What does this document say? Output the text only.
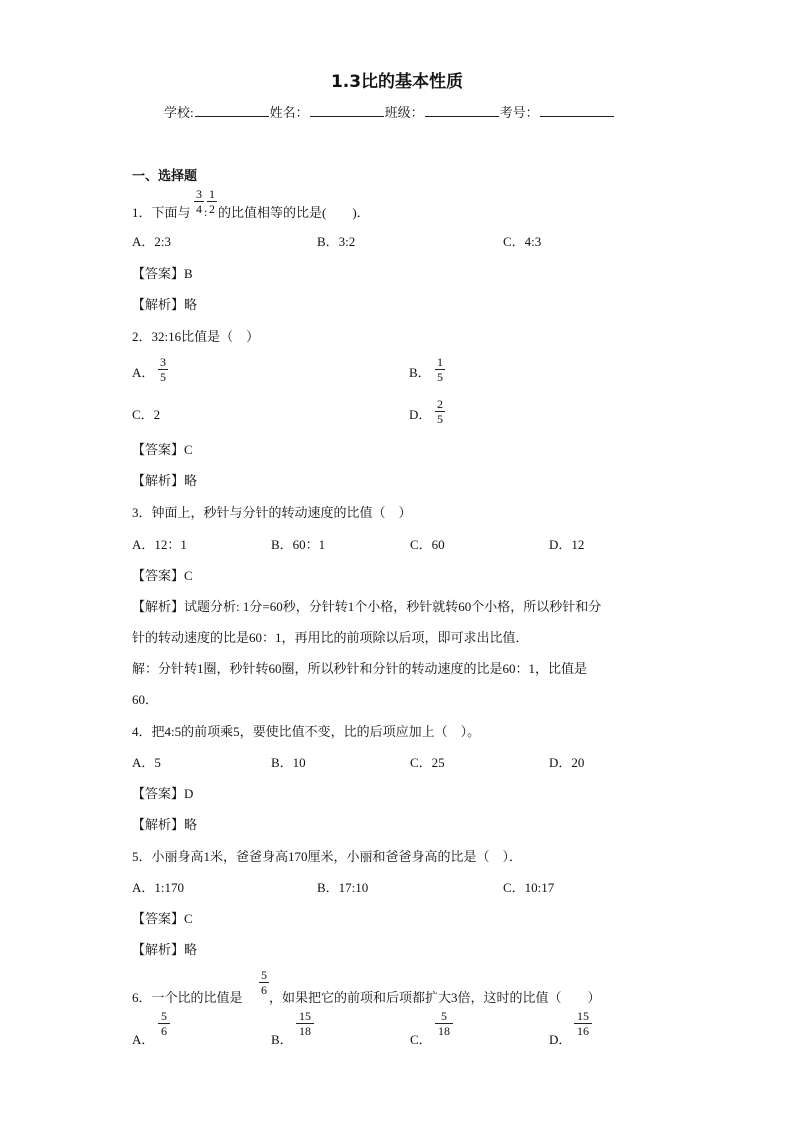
1.3比的基本性质
学校:	姓名：	班级：	考号：
一、选择题
1．下面与
3
4 :
1
2 的比值相等的比是(　　)．
A．2:3	B．3:2	C．4:3
【答案】B
【解析】略
2．32:16比值是（　）
A．
3
5	B．
1
5
C．2	D．
2
5
【答案】C
【解析】略
3．钟面上，秒针与分针的转动速度的比值（　）
A．12：1	B．60：1	C．60	D．12
【答案】C
【解析】试题分析: 1分=60秒，分针转1个小格，秒针就转60个小格，所以秒针和分
针的转动速度的比是60：1，再用比的前项除以后项，即可求出比值．
解：分针转1圈，秒针转60圈，所以秒针和分针的转动速度的比是60：1，比值是
60．
4．把4:5的前项乘5，要使比值不变，比的后项应加上（　）。
A．5	B．10	C．25	D．20
【答案】D
【解析】略
5．小丽身高1米，爸爸身高170厘米，小丽和爸爸身高的比是（　）．
A．1:170	B．17:10	C．10:17
【答案】C
【解析】略
6．一个比的比值是
5
6 ，如果把它的前项和后项都扩大3倍，这时的比值（　　）
A．
5
6
B．
15
18
C．
5
18
D．
15
16
